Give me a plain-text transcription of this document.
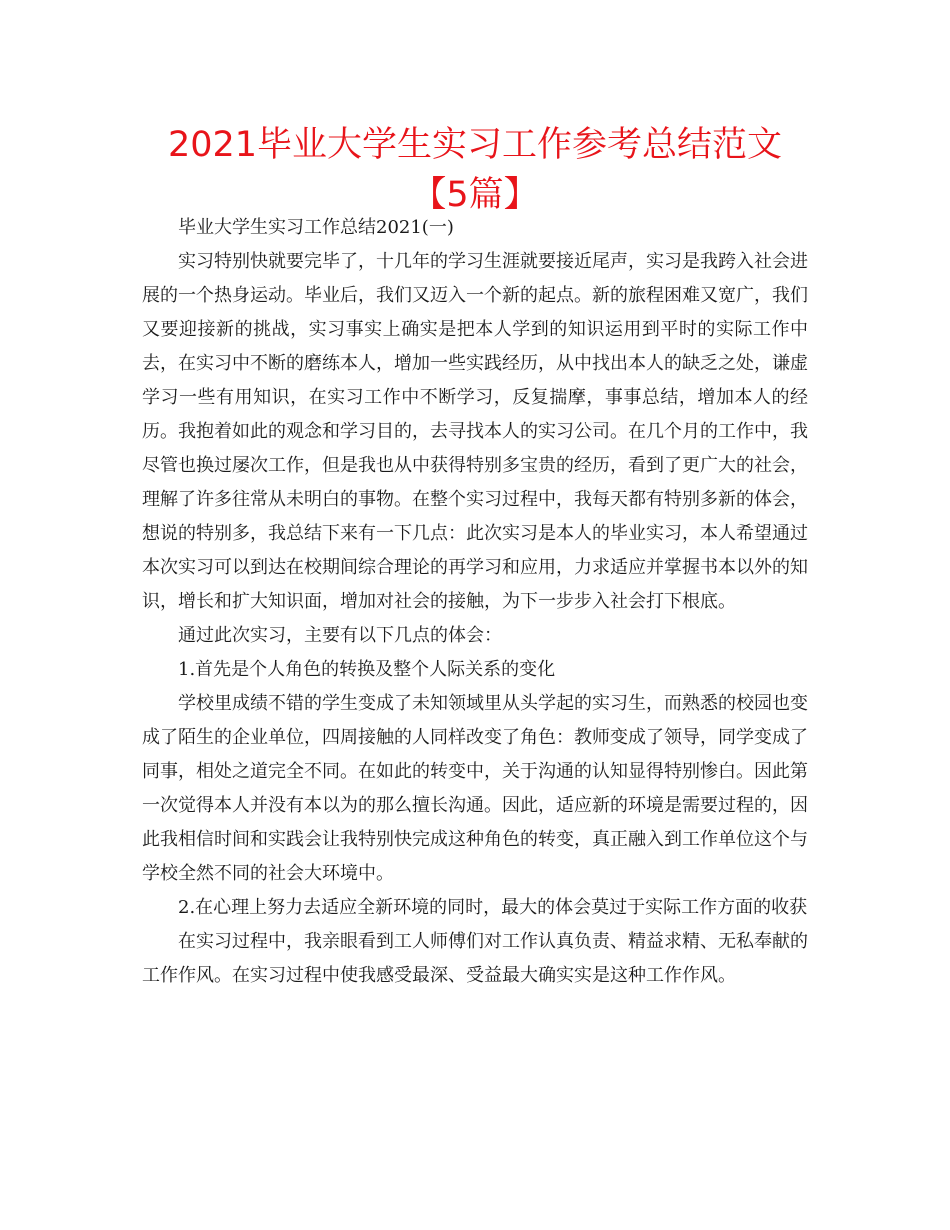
2021毕业大学生实习工作参考总结范文【5篇】

毕业大学生实习工作总结2021(一)

实习特别快就要完毕了，十几年的学习生涯就要接近尾声，实习是我跨入社会进展的一个热身运动。毕业后，我们又迈入一个新的起点。新的旅程困难又宽广，我们又要迎接新的挑战，实习事实上确实是把本人学到的知识运用到平时的实际工作中去，在实习中不断的磨练本人，增加一些实践经历，从中找出本人的缺乏之处，谦虚学习一些有用知识，在实习工作中不断学习，反复揣摩，事事总结，增加本人的经历。我抱着如此的观念和学习目的，去寻找本人的实习公司。在几个月的工作中，我尽管也换过屡次工作，但是我也从中获得特别多宝贵的经历，看到了更广大的社会，理解了许多往常从未明白的事物。在整个实习过程中，我每天都有特别多新的体会，想说的特别多，我总结下来有一下几点：此次实习是本人的毕业实习，本人希望通过本次实习可以到达在校期间综合理论的再学习和应用，力求适应并掌握书本以外的知识，增长和扩大知识面，增加对社会的接触，为下一步步入社会打下根底。

通过此次实习，主要有以下几点的体会：

1.首先是个人角色的转换及整个人际关系的变化

学校里成绩不错的学生变成了未知领域里从头学起的实习生，而熟悉的校园也变成了陌生的企业单位，四周接触的人同样改变了角色：教师变成了领导，同学变成了同事，相处之道完全不同。在如此的转变中，关于沟通的认知显得特别惨白。因此第一次觉得本人并没有本以为的那么擅长沟通。因此，适应新的环境是需要过程的，因此我相信时间和实践会让我特别快完成这种角色的转变，真正融入到工作单位这个与学校全然不同的社会大环境中。

2.在心理上努力去适应全新环境的同时，最大的体会莫过于实际工作方面的收获

在实习过程中，我亲眼看到工人师傅们对工作认真负责、精益求精、无私奉献的工作作风。在实习过程中使我感受最深、受益最大确实实是这种工作作风。
